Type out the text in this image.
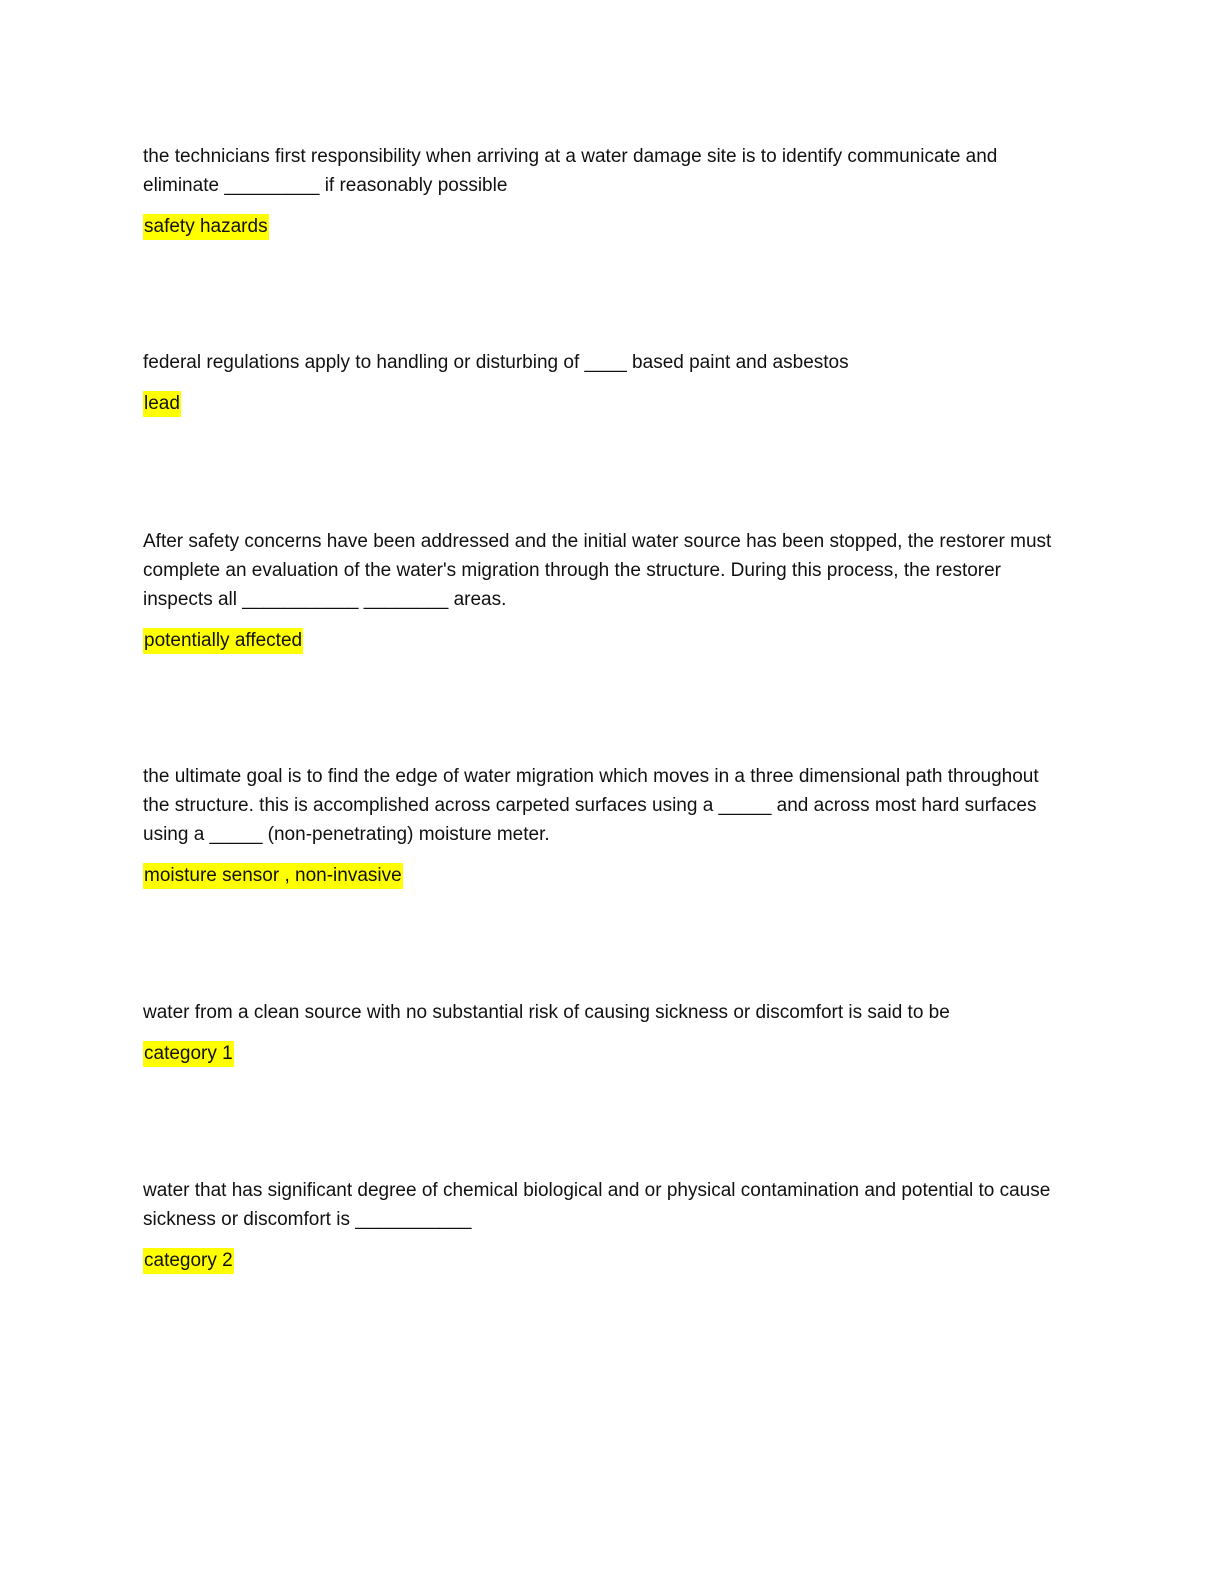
the technicians first responsibility when arriving at a water damage site is to identify communicate and eliminate _________ if reasonably possible

safety hazards

federal regulations apply to handling or disturbing of ____ based paint and asbestos

lead

After safety concerns have been addressed and the initial water source has been stopped, the restorer must complete an evaluation of the water's migration through the structure. During this process, the restorer inspects all ___________ ________ areas.

potentially affected

the ultimate goal is to find the edge of water migration which moves in a three dimensional path throughout the structure. this is accomplished across carpeted surfaces using a _____ and across most hard surfaces using a _____ (non-penetrating) moisture meter.

moisture sensor , non-invasive

water from a clean source with no substantial risk of causing sickness or discomfort is said to be

category 1

water that has significant degree of chemical biological and or physical contamination and potential to cause sickness or discomfort is ___________

category 2
